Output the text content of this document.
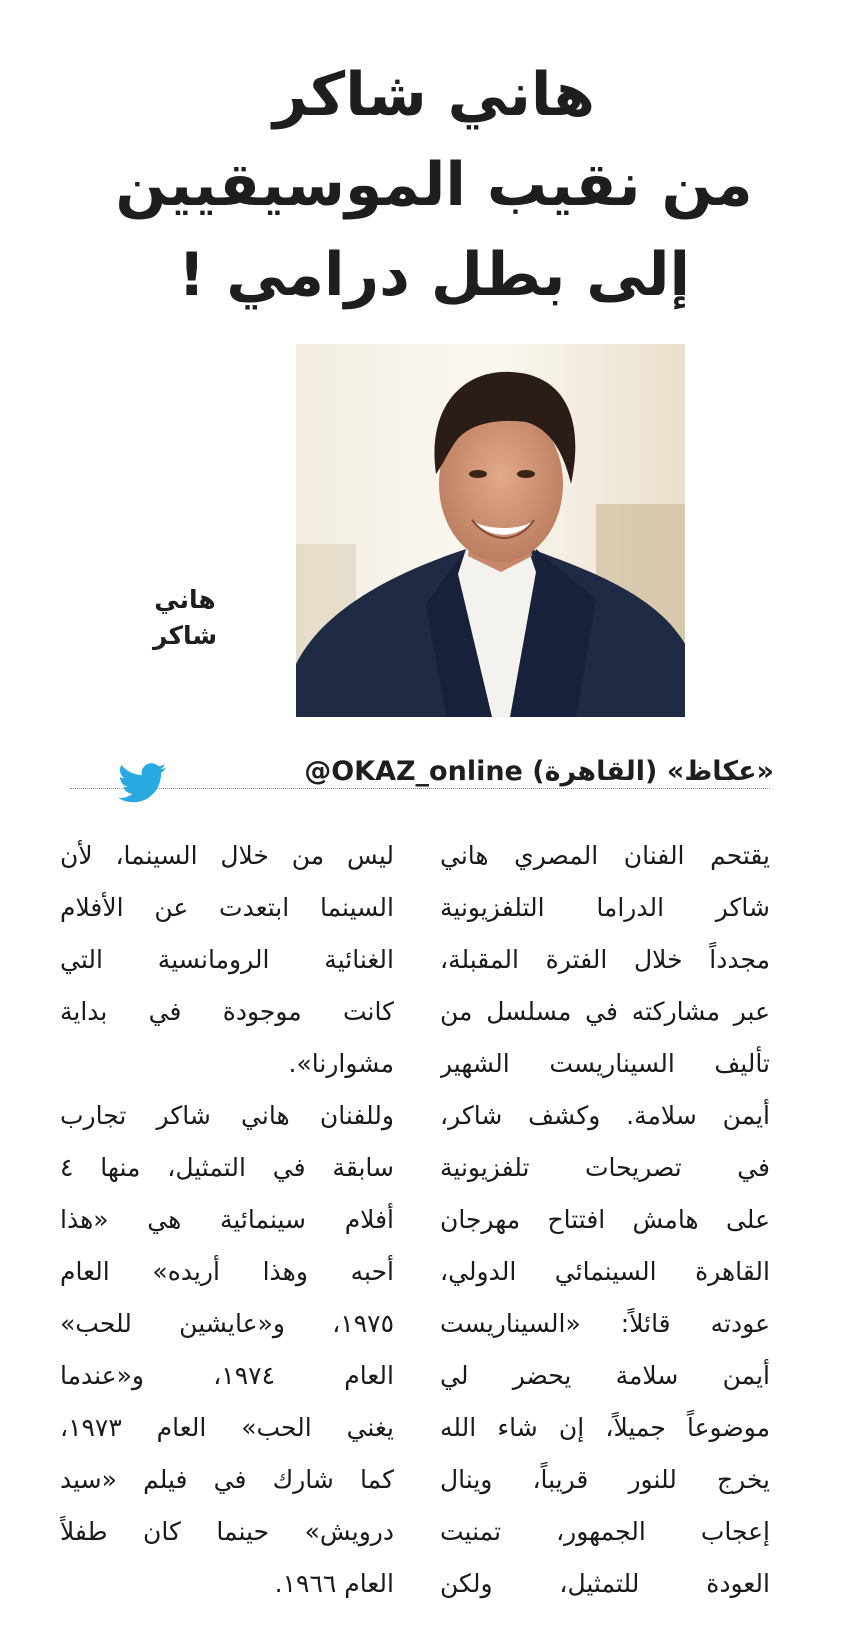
هاني شاكر
من نقيب الموسيقيين
إلى بطل درامي !
هاني
شاكر
«عكاظ» (القاهرة) @OKAZ_online
يقتحم الفنان المصري هاني
شاكر الدراما التلفزيونية
مجدداً خلال الفترة المقبلة،
عبر مشاركته في مسلسل من
تأليف السيناريست الشهير
أيمن سلامة. وكشف شاكر،
في تصريحات تلفزيونية
على هامش افتتاح مهرجان
القاهرة السينمائي الدولي،
عودته قائلاً: «السيناريست
أيمن سلامة يحضر لي
موضوعاً جميلاً، إن شاء الله
يخرج للنور قريباً، وينال
إعجاب الجمهور، تمنيت
العودة للتمثيل، ولكن
ليس من خلال السينما، لأن
السينما ابتعدت عن الأفلام
الغنائية الرومانسية التي
كانت موجودة في بداية
مشوارنا».
وللفنان هاني شاكر تجارب
سابقة في التمثيل، منها ٤
أفلام سينمائية هي «هذا
أحبه وهذا أريده» العام
١٩٧٥، و«عايشين للحب»
العام ١٩٧٤، و«عندما
يغني الحب» العام ١٩٧٣،
كما شارك في فيلم «سيد
درويش» حينما كان طفلاً
العام ١٩٦٦.
